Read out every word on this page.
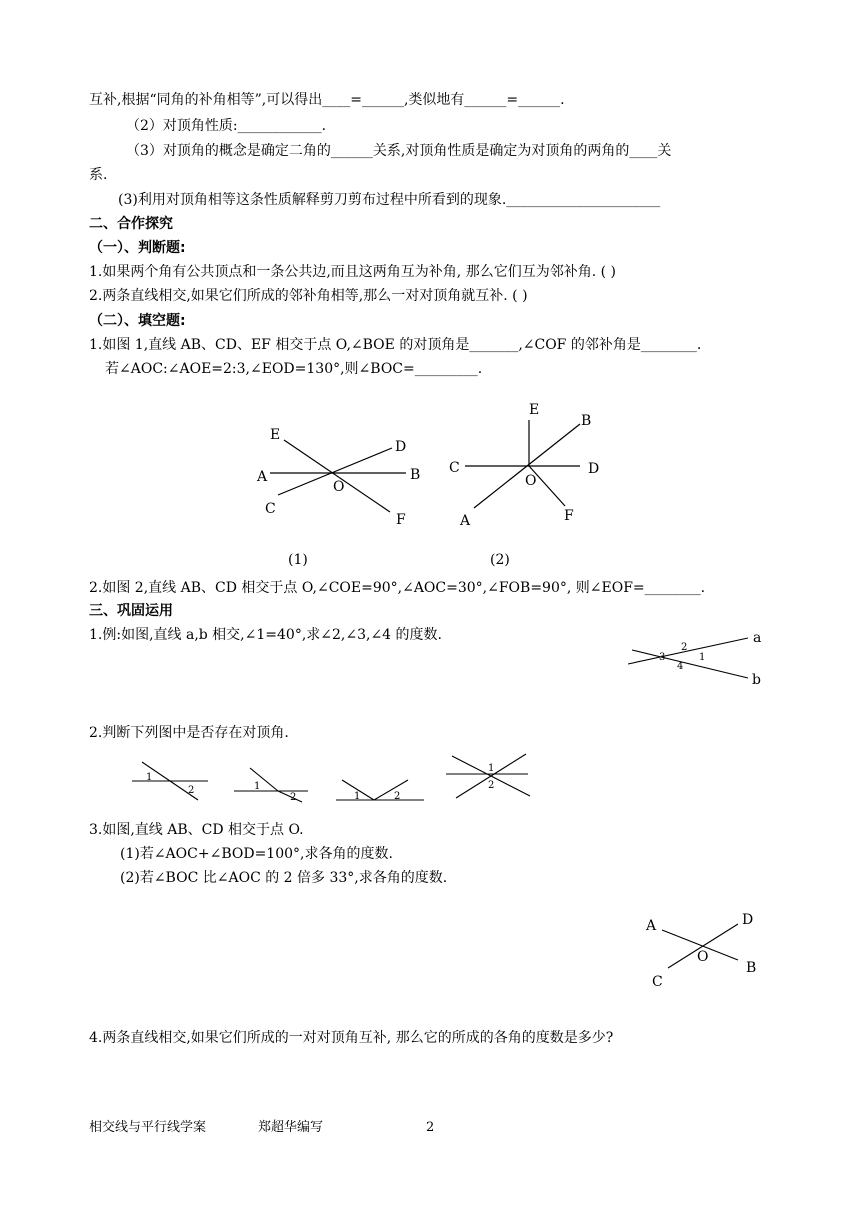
互补,根据“同角的补角相等”,可以得出____=______,类似地有______=______.
（2）对顶角性质:____________.
（3）对顶角的概念是确定二角的______关系,对顶角性质是确定为对顶角的两角的____关
系.
(3)利用对顶角相等这条性质解释剪刀剪布过程中所看到的现象.______________________
二、合作探究
（一）、判断题:
1.如果两个角有公共顶点和一条公共边,而且这两角互为补角, 那么它们互为邻补角. ( )
2.两条直线相交,如果它们所成的邻补角相等,那么一对对顶角就互补. ( )
（二）、填空题:
1.如图 1,直线 AB、CD、EF 相交于点 O,∠BOE 的对顶角是_______,∠COF 的邻补角是________.
若∠AOC:∠AOE=2:3,∠EOD=130°,则∠BOC=_________.
E
D
A
O
B
C
F
E
B
C	D
O
A	F
(1)	(2)
2.如图 2,直线 AB、CD 相交于点 O,∠COE=90°,∠AOC=30°,∠FOB=90°, 则∠EOF=________.
三、巩固运用
1.例:如图,直线 a,b 相交,∠1=40°,求∠2,∠3,∠4 的度数.	a
b
2
3
4
1
2.判断下列图中是否存在对顶角.
1
2	1
2	1	2
1
2
3.如图,直线 AB、CD 相交于点 O.
(1)若∠AOC+∠BOD=100°,求各角的度数.
(2)若∠BOC 比∠AOC 的 2 倍多 33°,求各角的度数.
A	D
O
B
C
4.两条直线相交,如果它们所成的一对对顶角互补, 那么它的所成的各角的度数是多少?
相交线与平行线学案	郑超华编写	2
